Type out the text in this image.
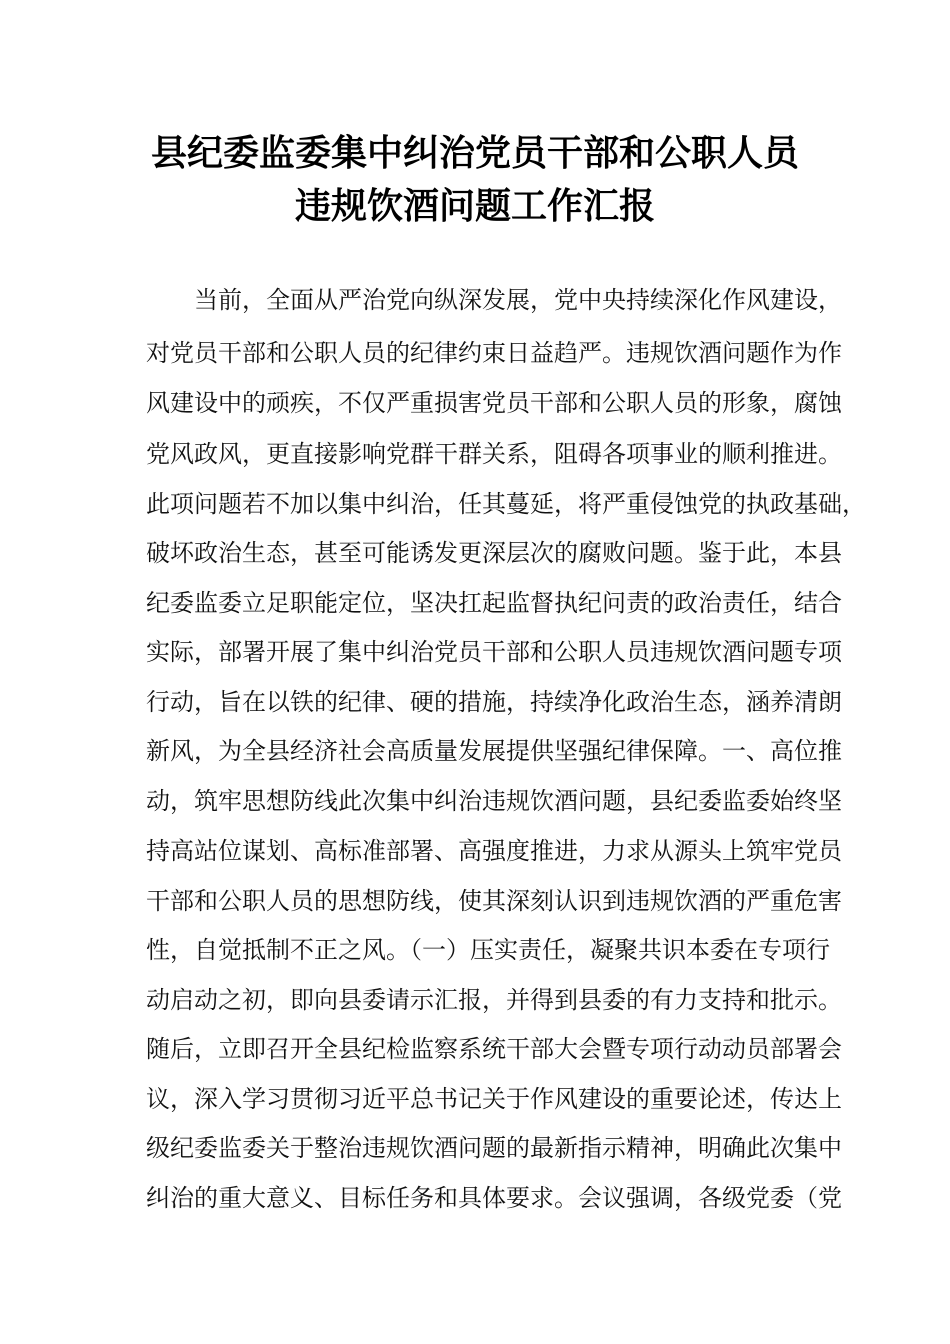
县纪委监委集中纠治党员干部和公职人员
违规饮酒问题工作汇报
当前，全面从严治党向纵深发展，党中央持续深化作风建设，
对党员干部和公职人员的纪律约束日益趋严。违规饮酒问题作为作
风建设中的顽疾，不仅严重损害党员干部和公职人员的形象，腐蚀
党风政风，更直接影响党群干群关系，阻碍各项事业的顺利推进。
此项问题若不加以集中纠治，任其蔓延，将严重侵蚀党的执政基础，
破坏政治生态，甚至可能诱发更深层次的腐败问题。鉴于此，本县
纪委监委立足职能定位，坚决扛起监督执纪问责的政治责任，结合
实际，部署开展了集中纠治党员干部和公职人员违规饮酒问题专项
行动，旨在以铁的纪律、硬的措施，持续净化政治生态，涵养清朗
新风，为全县经济社会高质量发展提供坚强纪律保障。一、高位推
动，筑牢思想防线此次集中纠治违规饮酒问题，县纪委监委始终坚
持高站位谋划、高标准部署、高强度推进，力求从源头上筑牢党员
干部和公职人员的思想防线，使其深刻认识到违规饮酒的严重危害
性，自觉抵制不正之风。（一）压实责任，凝聚共识本委在专项行
动启动之初，即向县委请示汇报，并得到县委的有力支持和批示。
随后，立即召开全县纪检监察系统干部大会暨专项行动动员部署会
议，深入学习贯彻习近平总书记关于作风建设的重要论述，传达上
级纪委监委关于整治违规饮酒问题的最新指示精神，明确此次集中
纠治的重大意义、目标任务和具体要求。会议强调，各级党委（党
